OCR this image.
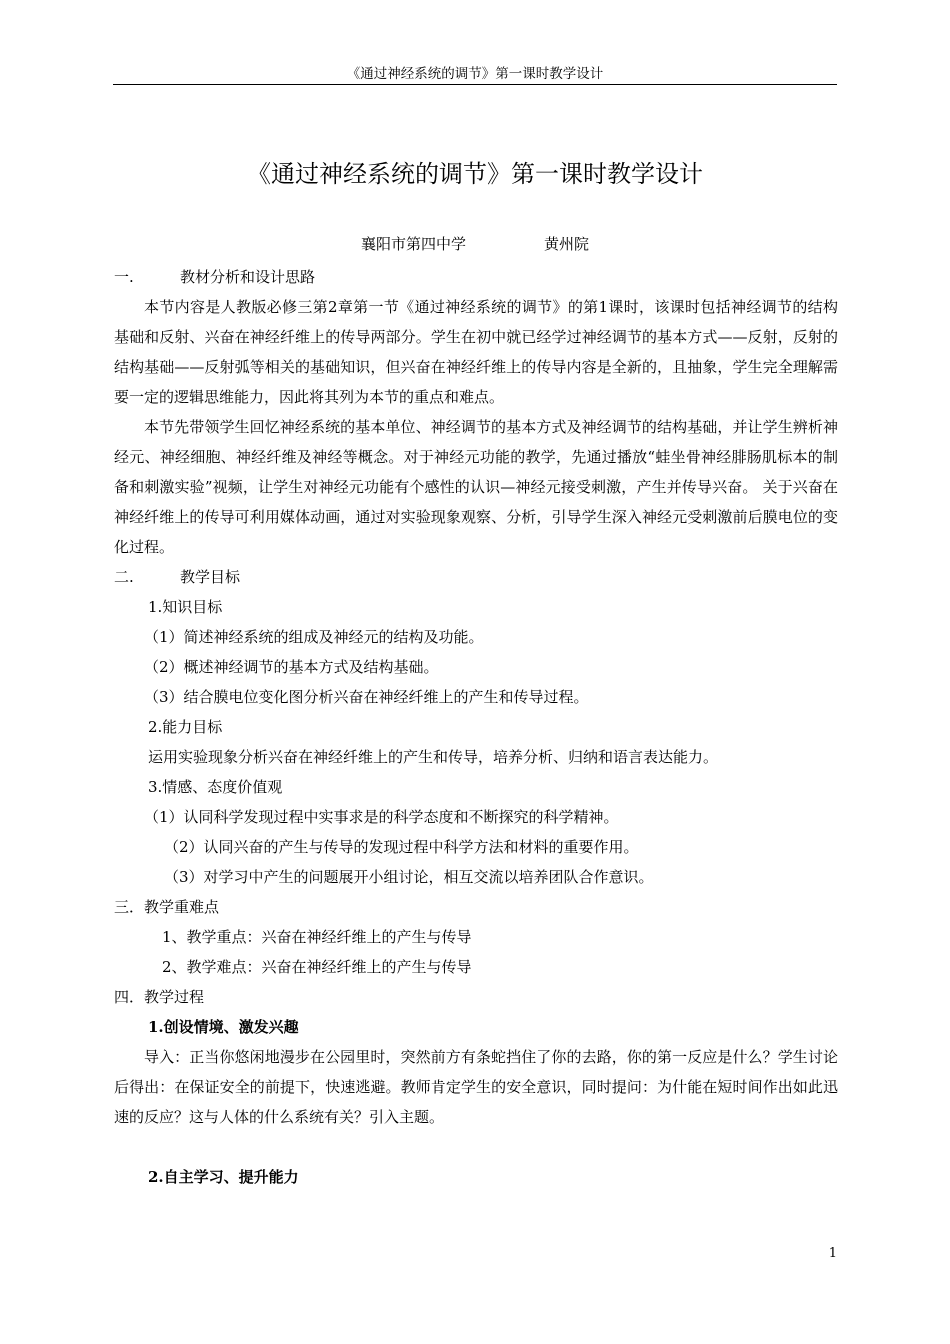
《通过神经系统的调节》第一课时教学设计
《通过神经系统的调节》第一课时教学设计
襄阳市第四中学	黄州院

一.	教材分析和设计思路

本节内容是人教版必修三第2章第一节《通过神经系统的调节》的第1课时，该课时包括神经调节的结构基础和反射、兴奋在神经纤维上的传导两部分。学生在初中就已经学过神经调节的基本方式——反射，反射的结构基础——反射弧等相关的基础知识，但兴奋在神经纤维上的传导内容是全新的，且抽象，学生完全理解需要一定的逻辑思维能力，因此将其列为本节的重点和难点。

本节先带领学生回忆神经系统的基本单位、神经调节的基本方式及神经调节的结构基础，并让学生辨析神经元、神经细胞、神经纤维及神经等概念。对于神经元功能的教学，先通过播放“蛙坐骨神经腓肠肌标本的制备和刺激实验”视频，让学生对神经元功能有个感性的认识—神经元接受刺激，产生并传导兴奋。 关于兴奋在神经纤维上的传导可利用媒体动画，通过对实验现象观察、分析，引导学生深入神经元受刺激前后膜电位的变化过程。

二.	教学目标

1.知识目标

（1）简述神经系统的组成及神经元的结构及功能。

（2）概述神经调节的基本方式及结构基础。

（3）结合膜电位变化图分析兴奋在神经纤维上的产生和传导过程。

2.能力目标

运用实验现象分析兴奋在神经纤维上的产生和传导，培养分析、归纳和语言表达能力。

3.情感、态度价值观

（1）认同科学发现过程中实事求是的科学态度和不断探究的科学精神。

（2）认同兴奋的产生与传导的发现过程中科学方法和材料的重要作用。

（3）对学习中产生的问题展开小组讨论，相互交流以培养团队合作意识。

三．教学重难点

1、教学重点：兴奋在神经纤维上的产生与传导

2、教学难点：兴奋在神经纤维上的产生与传导

四．教学过程

1.创设情境、激发兴趣

导入：正当你悠闲地漫步在公园里时，突然前方有条蛇挡住了你的去路，你的第一反应是什么？学生讨论后得出：在保证安全的前提下，快速逃避。教师肯定学生的安全意识，同时提问：为什能在短时间作出如此迅速的反应？这与人体的什么系统有关？引入主题。

2.自主学习、提升能力

1
